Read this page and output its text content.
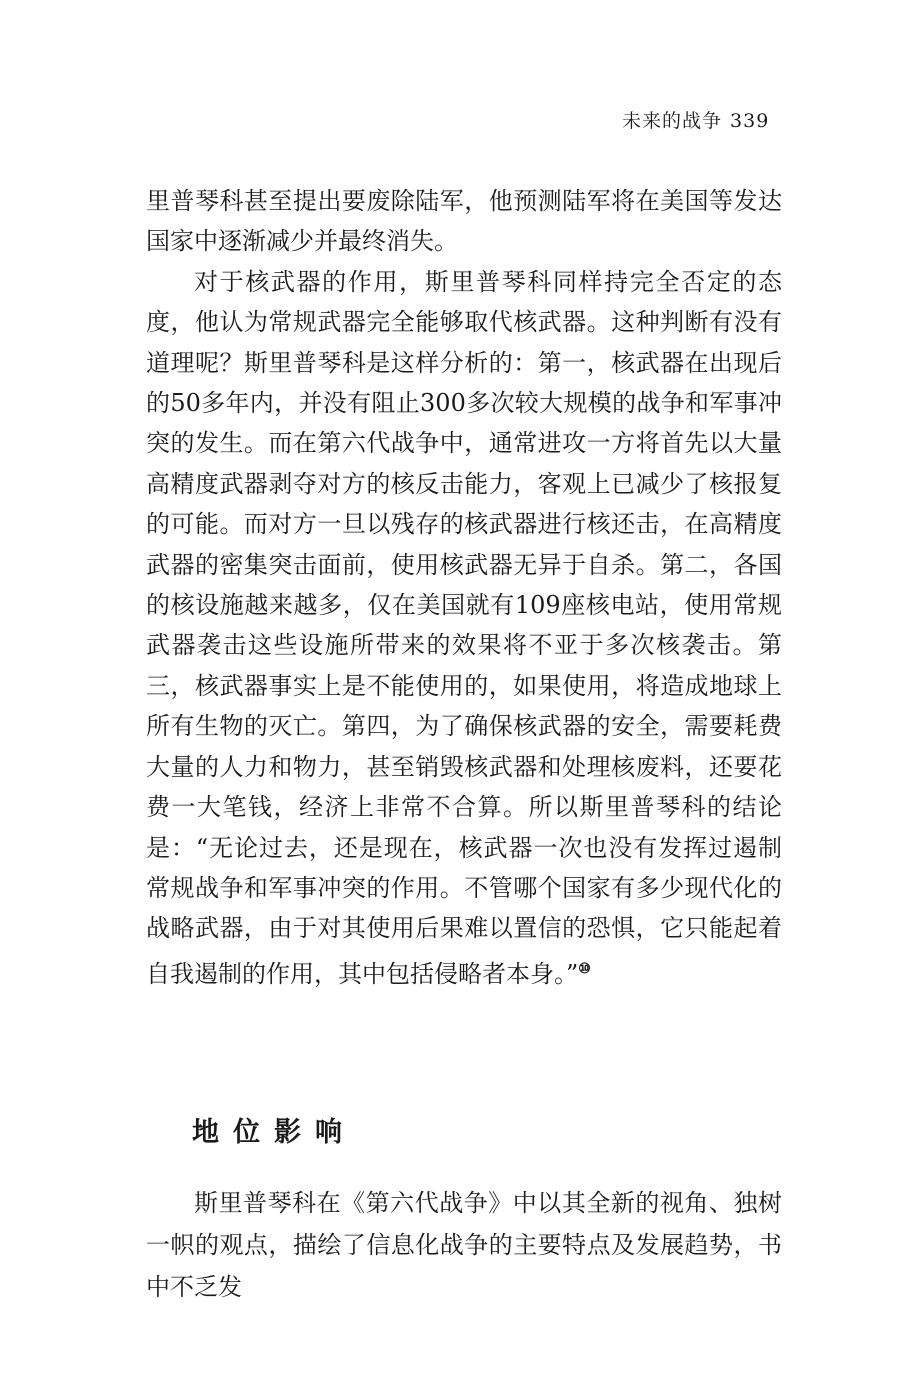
未来的战争 339

里普琴科甚至提出要废除陆军，他预测陆军将在美国等发达国家中逐渐减少并最终消失。

对于核武器的作用，斯里普琴科同样持完全否定的态度，他认为常规武器完全能够取代核武器。这种判断有没有道理呢？斯里普琴科是这样分析的：第一，核武器在出现后的50多年内，并没有阻止300多次较大规模的战争和军事冲突的发生。而在第六代战争中，通常进攻一方将首先以大量高精度武器剥夺对方的核反击能力，客观上已减少了核报复的可能。而对方一旦以残存的核武器进行核还击，在高精度武器的密集突击面前，使用核武器无异于自杀。第二，各国的核设施越来越多，仅在美国就有109座核电站，使用常规武器袭击这些设施所带来的效果将不亚于多次核袭击。第三，核武器事实上是不能使用的，如果使用，将造成地球上所有生物的灭亡。第四，为了确保核武器的安全，需要耗费大量的人力和物力，甚至销毁核武器和处理核废料，还要花费一大笔钱，经济上非常不合算。所以斯里普琴科的结论是：“无论过去，还是现在，核武器一次也没有发挥过遏制常规战争和军事冲突的作用。不管哪个国家有多少现代化的战略武器，由于对其使用后果难以置信的恐惧，它只能起着自我遏制的作用，其中包括侵略者本身。”⑩

地位影响

斯里普琴科在《第六代战争》中以其全新的视角、独树一帜的观点，描绘了信息化战争的主要特点及发展趋势，书中不乏发
